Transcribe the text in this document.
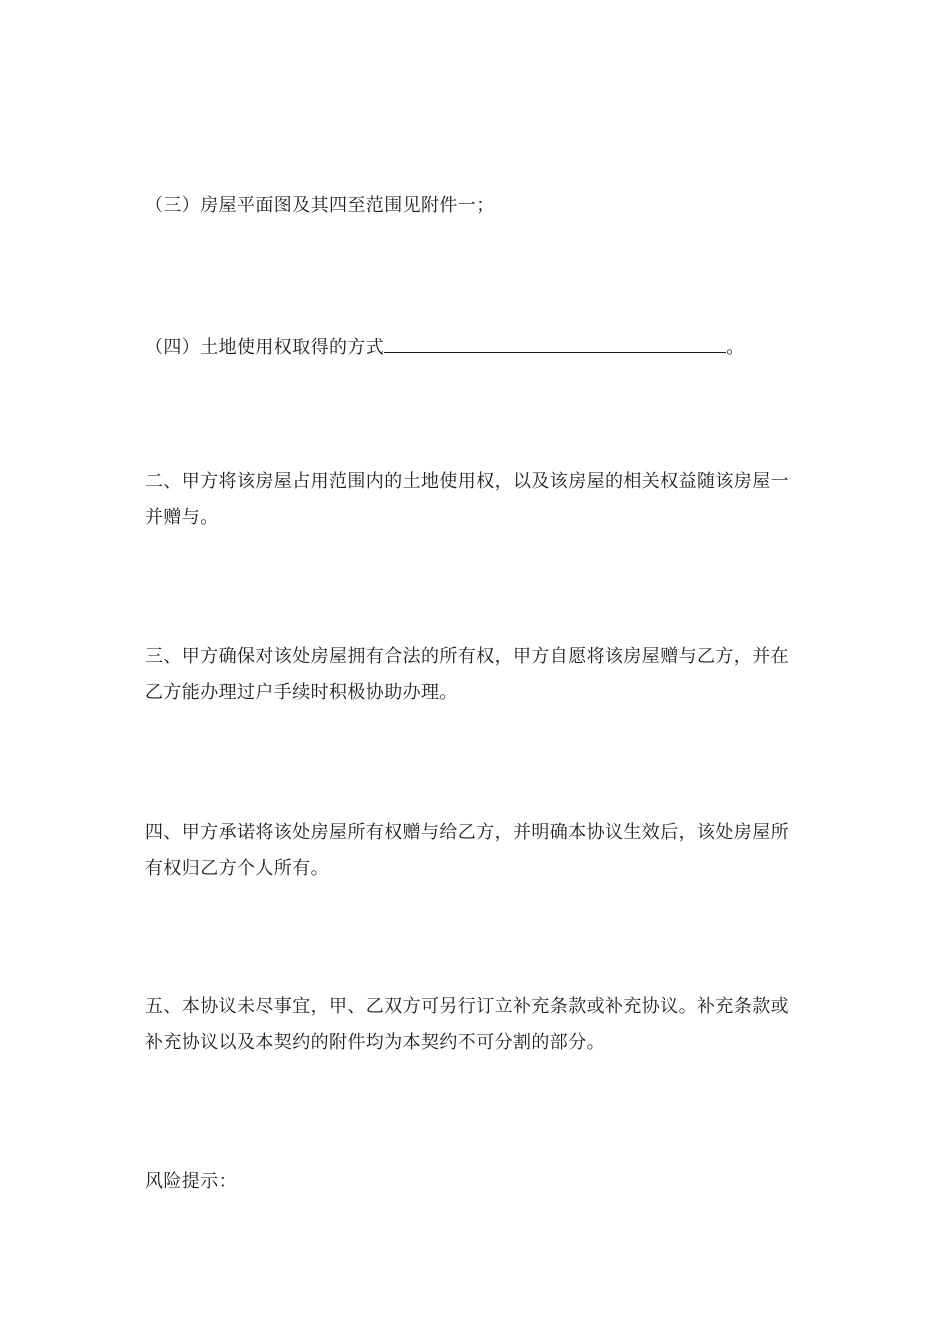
（三）房屋平面图及其四至范围见附件一；

（四）土地使用权取得的方式	。

二、甲方将该房屋占用范围内的土地使用权，以及该房屋的相关权益随该房屋一并赠与。

三、甲方确保对该处房屋拥有合法的所有权，甲方自愿将该房屋赠与乙方，并在乙方能办理过户手续时积极协助办理。

四、甲方承诺将该处房屋所有权赠与给乙方，并明确本协议生效后，该处房屋所有权归乙方个人所有。

五、本协议未尽事宜，甲、乙双方可另行订立补充条款或补充协议。补充条款或补充协议以及本契约的附件均为本契约不可分割的部分。

风险提示：
